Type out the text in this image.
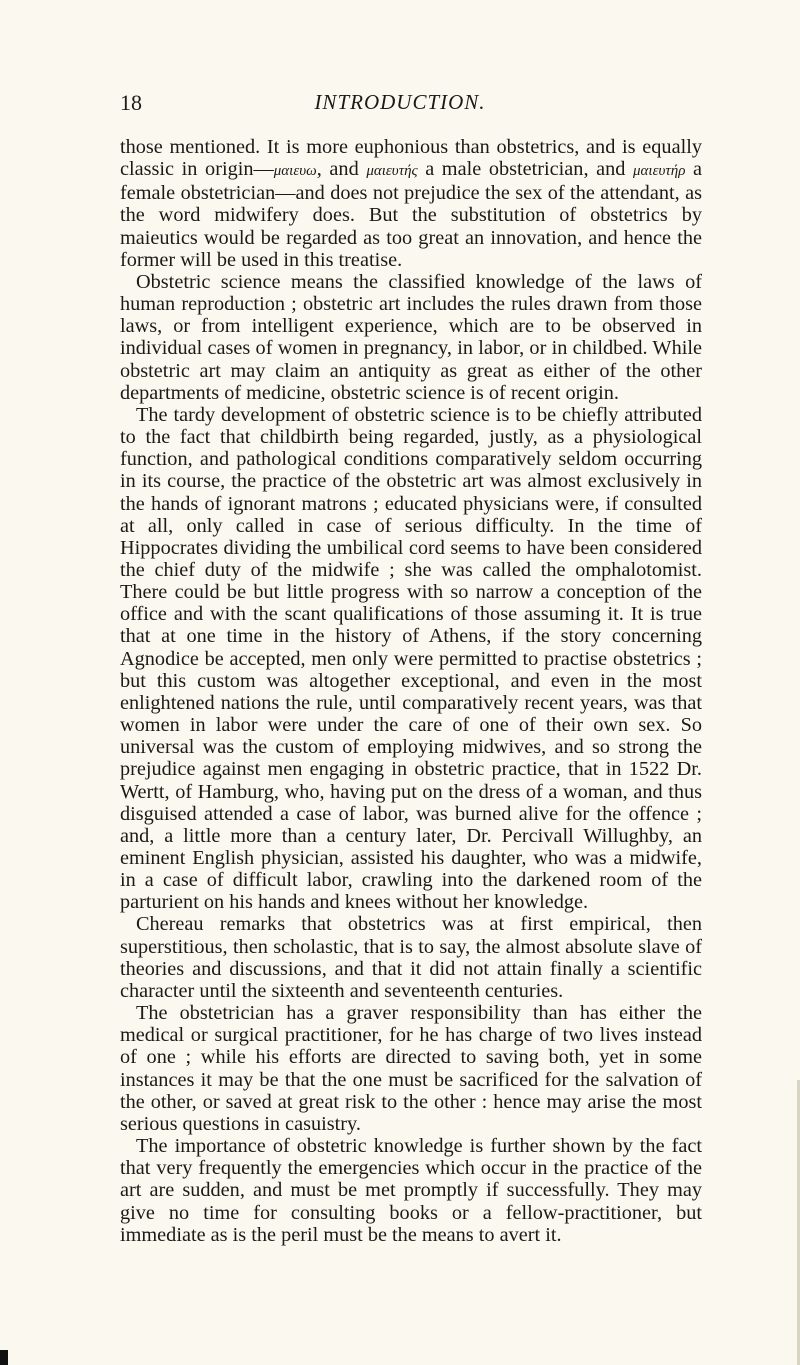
18	INTRODUCTION.

those mentioned. It is more euphonious than obstetrics, and is equally classic in origin—μαιευω, and μαιευτής a male obstetrician, and μαιευτήρ a female obstetrician—and does not prejudice the sex of the attendant, as the word midwifery does. But the substitution of obstetrics by maieutics would be regarded as too great an innovation, and hence the former will be used in this treatise.

Obstetric science means the classified knowledge of the laws of human reproduction ; obstetric art includes the rules drawn from those laws, or from intelligent experience, which are to be observed in individual cases of women in pregnancy, in labor, or in childbed. While obstetric art may claim an antiquity as great as either of the other departments of medicine, obstetric science is of recent origin.

The tardy development of obstetric science is to be chiefly attributed to the fact that childbirth being regarded, justly, as a physiological function, and pathological conditions comparatively seldom occurring in its course, the practice of the obstetric art was almost exclusively in the hands of ignorant matrons ; educated physicians were, if consulted at all, only called in case of serious difficulty. In the time of Hippocrates dividing the umbilical cord seems to have been considered the chief duty of the midwife ; she was called the omphalotomist. There could be but little progress with so narrow a conception of the office and with the scant qualifications of those assuming it. It is true that at one time in the history of Athens, if the story concerning Agnodice be accepted, men only were permitted to practise obstetrics ; but this custom was altogether exceptional, and even in the most enlightened nations the rule, until comparatively recent years, was that women in labor were under the care of one of their own sex. So universal was the custom of employing midwives, and so strong the prejudice against men engaging in obstetric practice, that in 1522 Dr. Wertt, of Hamburg, who, having put on the dress of a woman, and thus disguised attended a case of labor, was burned alive for the offence ; and, a little more than a century later, Dr. Percivall Willughby, an eminent English physician, assisted his daughter, who was a midwife, in a case of difficult labor, crawling into the darkened room of the parturient on his hands and knees without her knowledge.

Chereau remarks that obstetrics was at first empirical, then superstitious, then scholastic, that is to say, the almost absolute slave of theories and discussions, and that it did not attain finally a scientific character until the sixteenth and seventeenth centuries.

The obstetrician has a graver responsibility than has either the medical or surgical practitioner, for he has charge of two lives instead of one ; while his efforts are directed to saving both, yet in some instances it may be that the one must be sacrificed for the salvation of the other, or saved at great risk to the other : hence may arise the most serious questions in casuistry.

The importance of obstetric knowledge is further shown by the fact that very frequently the emergencies which occur in the practice of the art are sudden, and must be met promptly if successfully. They may give no time for consulting books or a fellow-practitioner, but immediate as is the peril must be the means to avert it.
